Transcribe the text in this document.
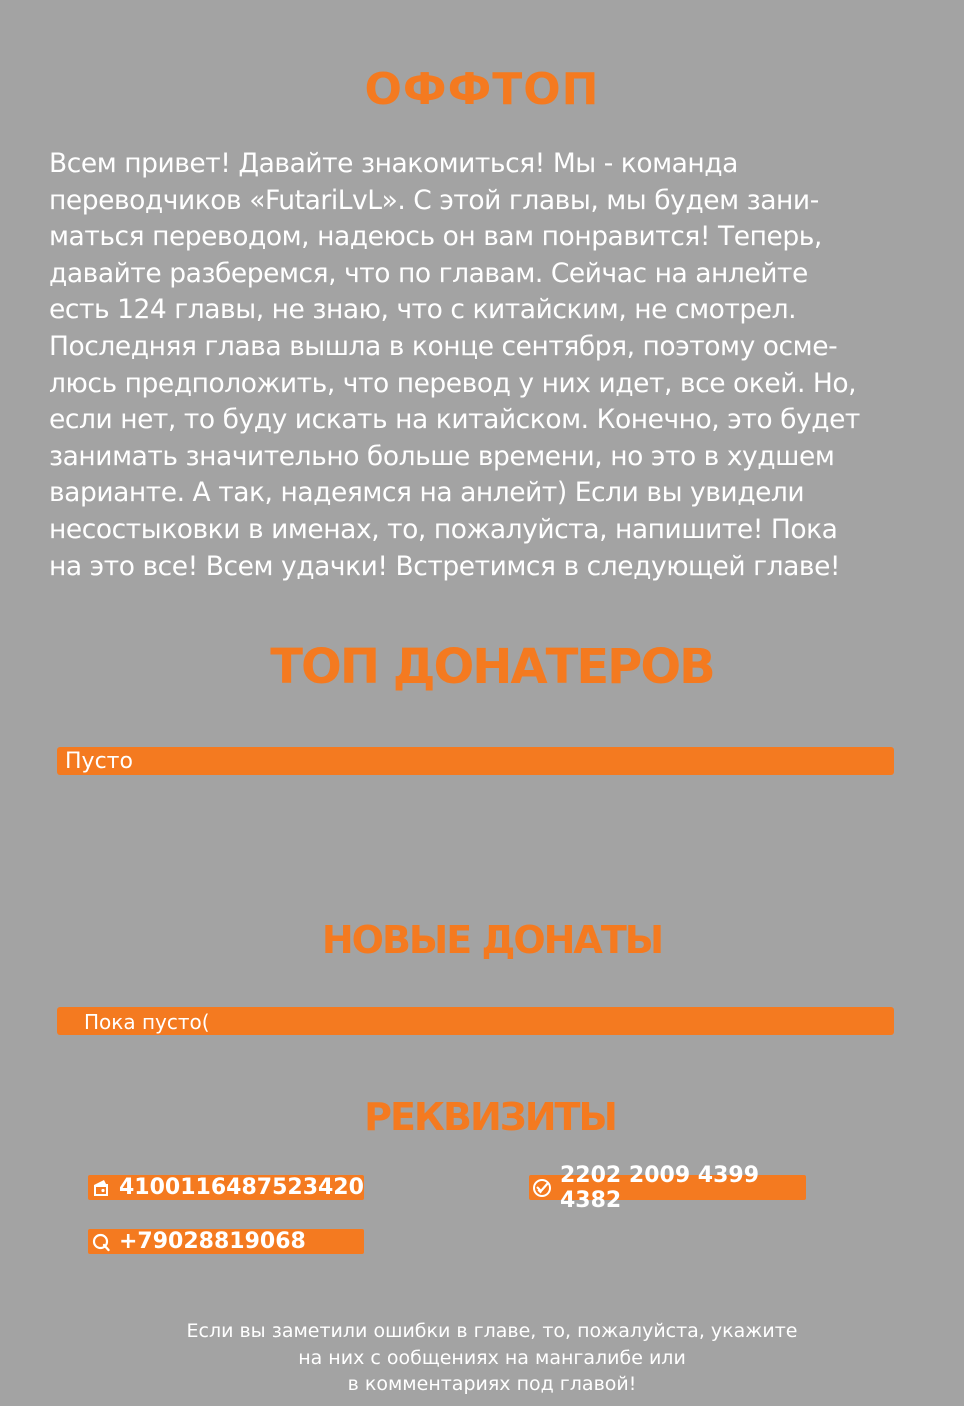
ОФФТОП

Всем привет! Давайте знакомиться! Мы - команда
переводчиков «FutariLvL». С этой главы, мы будем зани-
маться переводом, надеюсь он вам понравится! Теперь,
давайте разберемся, что по главам. Сейчас на анлейте
есть 124 главы, не знаю, что с китайским, не смотрел.
Последняя глава вышла в конце сентября, поэтому осме-
люсь предположить, что перевод у них идет, все окей. Но,
если нет, то буду искать на китайском. Конечно, это будет
занимать значительно больше времени, но это в худшем
варианте. А так, надеямся на анлейт) Если вы увидели
несостыковки в именах, то, пожалуйста, напишите! Пока
на это все! Всем удачки! Встретимся в следующей главе!

ТОП ДОНАТЕРОВ
Пусто
НОВЫЕ ДОНАТЫ
Пока пусто(
РЕКВИЗИТЫ
4100116487523420	2202 2009 4399 4382
+79028819068
Если вы заметили ошибки в главе, то, пожалуйста, укажите
на них с ообщениях на мангалибе или
в комментариях под главой!
